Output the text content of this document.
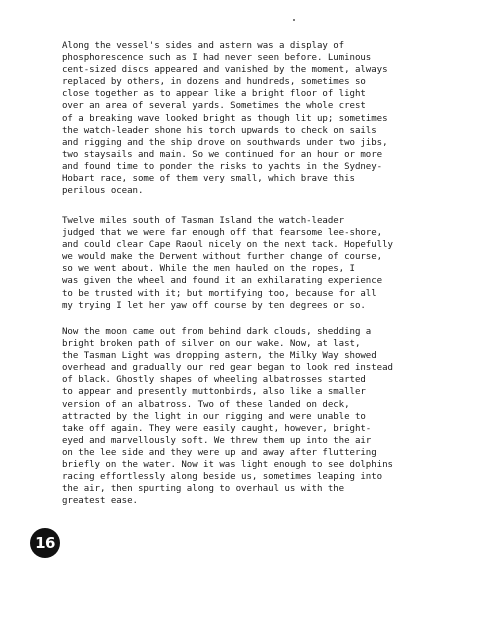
Along the vessel's sides and astern was a display of
phosphorescence such as I had never seen before. Luminous
cent-sized discs appeared and vanished by the moment, always
replaced by others, in dozens and hundreds, sometimes so
close together as to appear like a bright floor of light
over an area of several yards. Sometimes the whole crest
of a breaking wave looked bright as though lit up; sometimes
the watch-leader shone his torch upwards to check on sails
and rigging and the ship drove on southwards under two jibs,
two staysails and main. So we continued for an hour or more
and found time to ponder the risks to yachts in the Sydney-
Hobart race, some of them very small, which brave this
perilous ocean.
Twelve miles south of Tasman Island the watch-leader
judged that we were far enough off that fearsome lee-shore,
and could clear Cape Raoul nicely on the next tack. Hopefully
we would make the Derwent without further change of course,
so we went about. While the men hauled on the ropes, I
was given the wheel and found it an exhilarating experience
to be trusted with it; but mortifying too, because for all
my trying I let her yaw off course by ten degrees or so.
Now the moon came out from behind dark clouds, shedding a
bright broken path of silver on our wake. Now, at last,
the Tasman Light was dropping astern, the Milky Way showed
overhead and gradually our red gear began to look red instead
of black. Ghostly shapes of wheeling albatrosses started
to appear and presently muttonbirds, also like a smaller
version of an albatross. Two of these landed on deck,
attracted by the light in our rigging and were unable to
take off again. They were easily caught, however, bright-
eyed and marvellously soft. We threw them up into the air
on the lee side and they were up and away after fluttering
briefly on the water. Now it was light enough to see dolphins
racing effortlessly along beside us, sometimes leaping into
the air, then spurting along to overhaul us with the
greatest ease.
16
